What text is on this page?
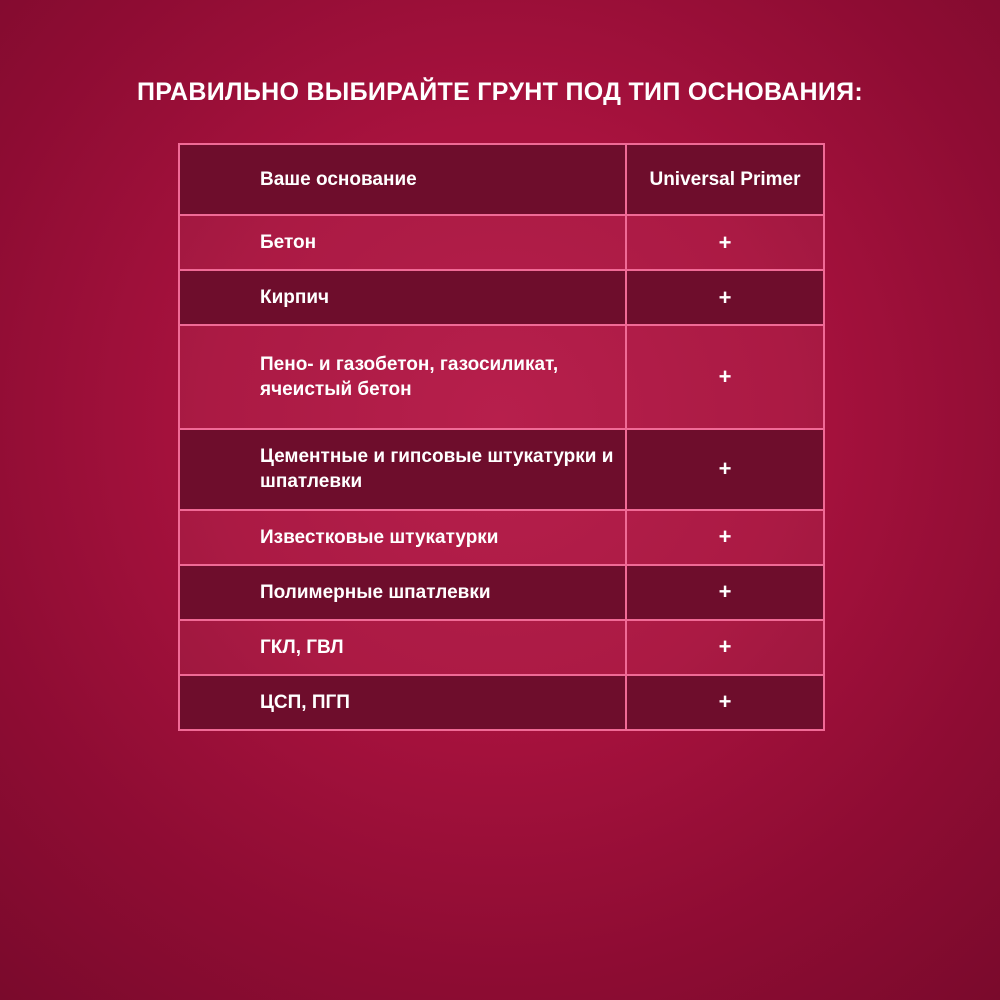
ПРАВИЛЬНО ВЫБИРАЙТЕ ГРУНТ ПОД ТИП ОСНОВАНИЯ:
Ваше основание	Universal Primer
Бетон	+
Кирпич	+
Пено- и газобетон, газосиликат, ячеистый бетон	+
Цементные и гипсовые штукатурки и шпатлевки	+
Известковые штукатурки	+
Полимерные шпатлевки	+
ГКЛ, ГВЛ	+
ЦСП, ПГП	+
